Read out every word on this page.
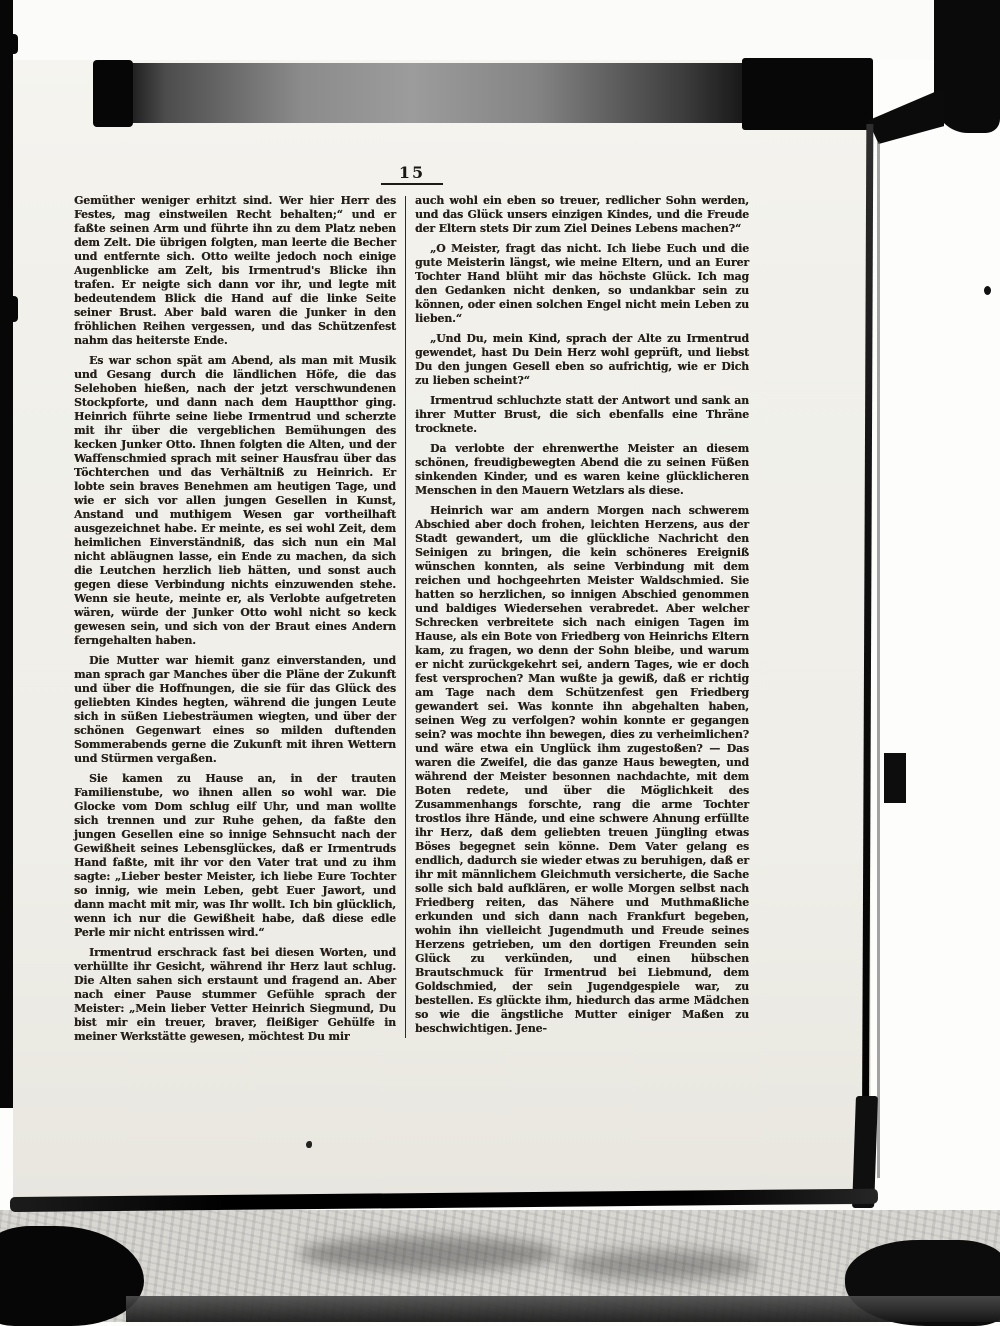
15

Gemüther weniger erhitzt sind. Wer hier Herr des Festes, mag einstweilen Recht behalten;“ und er faßte seinen Arm und führte ihn zu dem Platz neben dem Zelt. Die übrigen folgten, man leerte die Becher und entfernte sich. Otto weilte jedoch noch einige Augenblicke am Zelt, bis Irmentrud's Blicke ihn trafen. Er neigte sich dann vor ihr, und legte mit bedeutendem Blick die Hand auf die linke Seite seiner Brust. Aber bald waren die Junker in den fröhlichen Reihen vergessen, und das Schützenfest nahm das heiterste Ende.

Es war schon spät am Abend, als man mit Musik und Gesang durch die ländlichen Höfe, die das Selehoben hießen, nach der jetzt verschwundenen Stockpforte, und dann nach dem Hauptthor ging. Heinrich führte seine liebe Irmentrud und scherzte mit ihr über die vergeblichen Bemühungen des kecken Junker Otto. Ihnen folgten die Alten, und der Waffenschmied sprach mit seiner Hausfrau über das Töchterchen und das Verhältniß zu Heinrich. Er lobte sein braves Benehmen am heutigen Tage, und wie er sich vor allen jungen Gesellen in Kunst, Anstand und muthigem Wesen gar vortheilhaft ausgezeichnet habe. Er meinte, es sei wohl Zeit, dem heimlichen Einverständniß, das sich nun ein Mal nicht abläugnen lasse, ein Ende zu machen, da sich die Leutchen herzlich lieb hätten, und sonst auch gegen diese Verbindung nichts einzuwenden stehe. Wenn sie heute, meinte er, als Verlobte aufgetreten wären, würde der Junker Otto wohl nicht so keck gewesen sein, und sich von der Braut eines Andern ferngehalten haben.

Die Mutter war hiemit ganz einverstanden, und man sprach gar Manches über die Pläne der Zukunft und über die Hoffnungen, die sie für das Glück des geliebten Kindes hegten, während die jungen Leute sich in süßen Liebesträumen wiegten, und über der schönen Gegenwart eines so milden duftenden Sommerabends gerne die Zukunft mit ihren Wettern und Stürmen vergaßen.

Sie kamen zu Hause an, in der trauten Familienstube, wo ihnen allen so wohl war. Die Glocke vom Dom schlug eilf Uhr, und man wollte sich trennen und zur Ruhe gehen, da faßte den jungen Gesellen eine so innige Sehnsucht nach der Gewißheit seines Lebensglückes, daß er Irmentruds Hand faßte, mit ihr vor den Vater trat und zu ihm sagte: „Lieber bester Meister, ich liebe Eure Tochter so innig, wie mein Leben, gebt Euer Jawort, und dann macht mit mir, was Ihr wollt. Ich bin glücklich, wenn ich nur die Gewißheit habe, daß diese edle Perle mir nicht entrissen wird.“

Irmentrud erschrack fast bei diesen Worten, und verhüllte ihr Gesicht, während ihr Herz laut schlug. Die Alten sahen sich erstaunt und fragend an. Aber nach einer Pause stummer Gefühle sprach der Meister: „Mein lieber Vetter Heinrich Siegmund, Du bist mir ein treuer, braver, fleißiger Gehülfe in meiner Werkstätte gewesen, möchtest Du mir

auch wohl ein eben so treuer, redlicher Sohn werden, und das Glück unsers einzigen Kindes, und die Freude der Eltern stets Dir zum Ziel Deines Lebens machen?“

„O Meister, fragt das nicht. Ich liebe Euch und die gute Meisterin längst, wie meine Eltern, und an Eurer Tochter Hand blüht mir das höchste Glück. Ich mag den Gedanken nicht denken, so undankbar sein zu können, oder einen solchen Engel nicht mein Leben zu lieben.“

„Und Du, mein Kind, sprach der Alte zu Irmentrud gewendet, hast Du Dein Herz wohl geprüft, und liebst Du den jungen Gesell eben so aufrichtig, wie er Dich zu lieben scheint?“

Irmentrud schluchzte statt der Antwort und sank an ihrer Mutter Brust, die sich ebenfalls eine Thräne trocknete.

Da verlobte der ehrenwerthe Meister an diesem schönen, freudigbewegten Abend die zu seinen Füßen sinkenden Kinder, und es waren keine glücklicheren Menschen in den Mauern Wetzlars als diese.

Heinrich war am andern Morgen nach schwerem Abschied aber doch frohen, leichten Herzens, aus der Stadt gewandert, um die glückliche Nachricht den Seinigen zu bringen, die kein schöneres Ereigniß wünschen konnten, als seine Verbindung mit dem reichen und hochgeehrten Meister Waldschmied. Sie hatten so herzlichen, so innigen Abschied genommen und baldiges Wiedersehen verabredet. Aber welcher Schrecken verbreitete sich nach einigen Tagen im Hause, als ein Bote von Friedberg von Heinrichs Eltern kam, zu fragen, wo denn der Sohn bleibe, und warum er nicht zurückgekehrt sei, andern Tages, wie er doch fest versprochen? Man wußte ja gewiß, daß er richtig am Tage nach dem Schützenfest gen Friedberg gewandert sei. Was konnte ihn abgehalten haben, seinen Weg zu verfolgen? wohin konnte er gegangen sein? was mochte ihn bewegen, dies zu verheimlichen? und wäre etwa ein Unglück ihm zugestoßen? — Das waren die Zweifel, die das ganze Haus bewegten, und während der Meister besonnen nachdachte, mit dem Boten redete, und über die Möglichkeit des Zusammenhangs forschte, rang die arme Tochter trostlos ihre Hände, und eine schwere Ahnung erfüllte ihr Herz, daß dem geliebten treuen Jüngling etwas Böses begegnet sein könne. Dem Vater gelang es endlich, dadurch sie wieder etwas zu beruhigen, daß er ihr mit männlichem Gleichmuth versicherte, die Sache solle sich bald aufklären, er wolle Morgen selbst nach Friedberg reiten, das Nähere und Muthmaßliche erkunden und sich dann nach Frankfurt begeben, wohin ihn vielleicht Jugendmuth und Freude seines Herzens getrieben, um den dortigen Freunden sein Glück zu verkünden, und einen hübschen Brautschmuck für Irmentrud bei Liebmund, dem Goldschmied, der sein Jugendgespiele war, zu bestellen. Es glückte ihm, hiedurch das arme Mädchen so wie die ängstliche Mutter einiger Maßen zu beschwichtigen. Jene-
